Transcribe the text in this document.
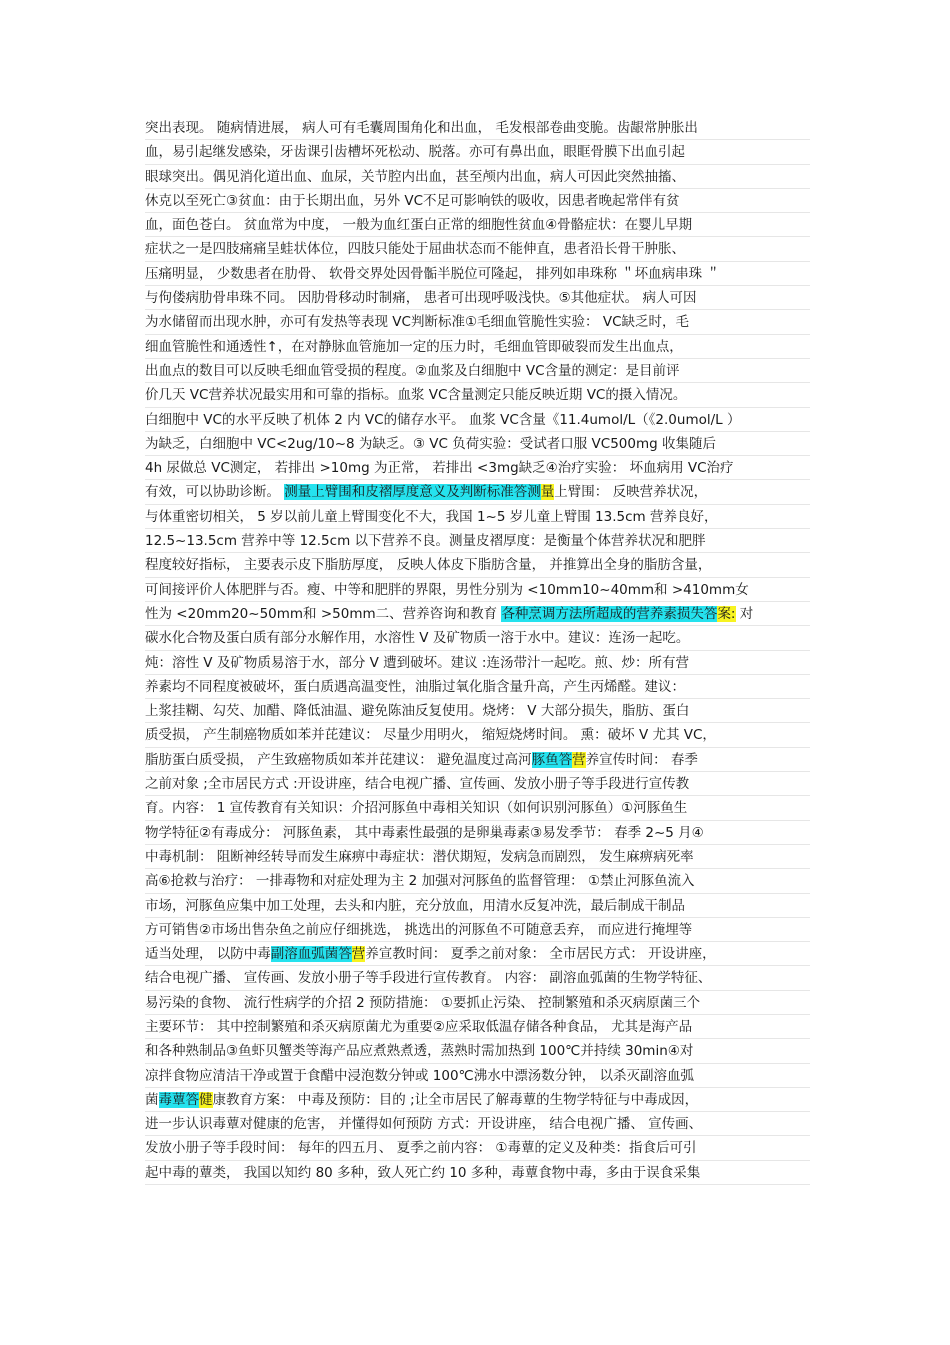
突出表现。 随病情进展， 病人可有毛囊周围角化和出血， 毛发根部卷曲变脆。齿龈常肿胀出
血，易引起继发感染，牙齿课引齿槽坏死松动、脱落。亦可有鼻出血，眼眶骨膜下出血引起
眼球突出。偶见消化道出血、血尿，关节腔内出血，甚至颅内出血，病人可因此突然抽搐、
休克以至死亡③贫血：由于长期出血，另外 VC不足可影响铁的吸收，因患者晚起常伴有贫
血，面色苍白。 贫血常为中度， 一般为血红蛋白正常的细胞性贫血④骨骼症状：在婴儿早期
症状之一是四肢痛痛呈蛙状体位，四肢只能处于屈曲状态而不能伸直，患者沿长骨干肿胀、
压痛明显， 少数患者在肋骨、 软骨交界处因骨骺半脱位可隆起， 排列如串珠称 ＂坏血病串珠 ＂
与佝偻病肋骨串珠不同。 因肋骨移动时制痛， 患者可出现呼吸浅快。⑤其他症状。 病人可因
为水储留而出现水肿，亦可有发热等表现 VC判断标准①毛细血管脆性实验： VC缺乏时，毛
细血管脆性和通透性↑，在对静脉血管施加一定的压力时，毛细血管即破裂而发生出血点，
出血点的数目可以反映毛细血管受损的程度。②血浆及白细胞中 VC含量的测定：是目前评
价几天 VC营养状况最实用和可靠的指标。血浆 VC含量测定只能反映近期 VC的摄入情况。
白细胞中 VC的水平反映了机体 2 内 VC的储存水平。 血浆 VC含量《11.4umol/L（《2.0umol/L ）
为缺乏，白细胞中 VC<2ug/10~8 为缺乏。③ VC 负荷实验：受试者口服 VC500mg 收集随后
4h 尿做总 VC测定， 若排出 >10mg 为正常， 若排出 <3mg缺乏④治疗实验： 坏血病用 VC治疗
有效，可以协助诊断。 测量上臂围和皮褶厚度意义及判断标准答测量上臂围： 反映营养状况，
与体重密切相关， 5 岁以前儿童上臂围变化不大，我国 1~5 岁儿童上臂围 13.5cm 营养良好，
12.5~13.5cm 营养中等 12.5cm 以下营养不良。测量皮褶厚度：是衡量个体营养状况和肥胖
程度较好指标， 主要表示皮下脂肪厚度， 反映人体皮下脂肪含量， 并推算出全身的脂肪含量，
可间接评价人体肥胖与否。瘦、中等和肥胖的界限，男性分别为 <10mm10~40mm和 >410mm女
性为 <20mm20~50mm和 >50mm二、营养咨询和教育 各种烹调方法所超成的营养素损失答案: 对
碳水化合物及蛋白质有部分水解作用，水溶性 V 及矿物质一溶于水中。建议：连汤一起吃。
炖：溶性 V 及矿物质易溶于水，部分 V 遭到破坏。建议 :连汤带汁一起吃。煎、炒：所有营
养素均不同程度被破坏，蛋白质遇高温变性，油脂过氧化脂含量升高，产生丙烯醛。建议：
上浆挂糊、勾芡、加醋、降低油温、避免陈油反复使用。烧烤： V 大部分损失，脂肪、蛋白
质受损， 产生制癌物质如苯并芘建议： 尽量少用明火， 缩短烧烤时间。 熏：破坏 V 尤其 VC，
脂肪蛋白质受损， 产生致癌物质如苯并芘建议： 避免温度过高河豚鱼答营养宣传时间： 春季
之前对象 ;全市居民方式 :开设讲座，结合电视广播、宣传画、发放小册子等手段进行宣传教
育。内容： 1 宣传教育有关知识：介招河豚鱼中毒相关知识（如何识别河豚鱼）①河豚鱼生
物学特征②有毒成分： 河豚鱼素， 其中毒素性最强的是卵巢毒素③易发季节： 春季 2~5 月④
中毒机制： 阻断神经转导而发生麻痹中毒症状：潜伏期短，发病急而剧烈， 发生麻痹病死率
高⑥抢救与治疗： 一排毒物和对症处理为主 2 加强对河豚鱼的监督管理： ①禁止河豚鱼流入
市场，河豚鱼应集中加工处理，去头和内脏，充分放血，用清水反复冲洗，最后制成干制品
方可销售②市场出售杂鱼之前应仔细挑选， 挑选出的河豚鱼不可随意丢弃， 而应进行掩埋等
适当处理， 以防中毒副溶血弧菌答营养宣教时间： 夏季之前对象： 全市居民方式： 开设讲座，
结合电视广播、 宣传画、发放小册子等手段进行宣传教育。 内容： 副溶血弧菌的生物学特征、
易污染的食物、 流行性病学的介招 2 预防措施： ①要抓止污染、 控制繁殖和杀灭病原菌三个
主要环节： 其中控制繁殖和杀灭病原菌尤为重要②应采取低温存储各种食品， 尤其是海产品
和各种熟制品③鱼虾贝蟹类等海产品应煮熟煮透，蒸熟时需加热到 100℃并持续 30min④对
凉拌食物应清洁干净或置于食醋中浸泡数分钟或 100℃沸水中漂汤数分钟， 以杀灭副溶血弧
菌毒蕈答健康教育方案： 中毒及预防：目的 ;让全市居民了解毒蕈的生物学特征与中毒成因，
进一步认识毒蕈对健康的危害， 并懂得如何预防 方式：开设讲座， 结合电视广播、 宣传画、
发放小册子等手段时间： 每年的四五月、 夏季之前内容： ①毒蕈的定义及种类：指食后可引
起中毒的蕈类， 我国以知约 80 多种，致人死亡约 10 多种，毒蕈食物中毒，多由于误食采集
